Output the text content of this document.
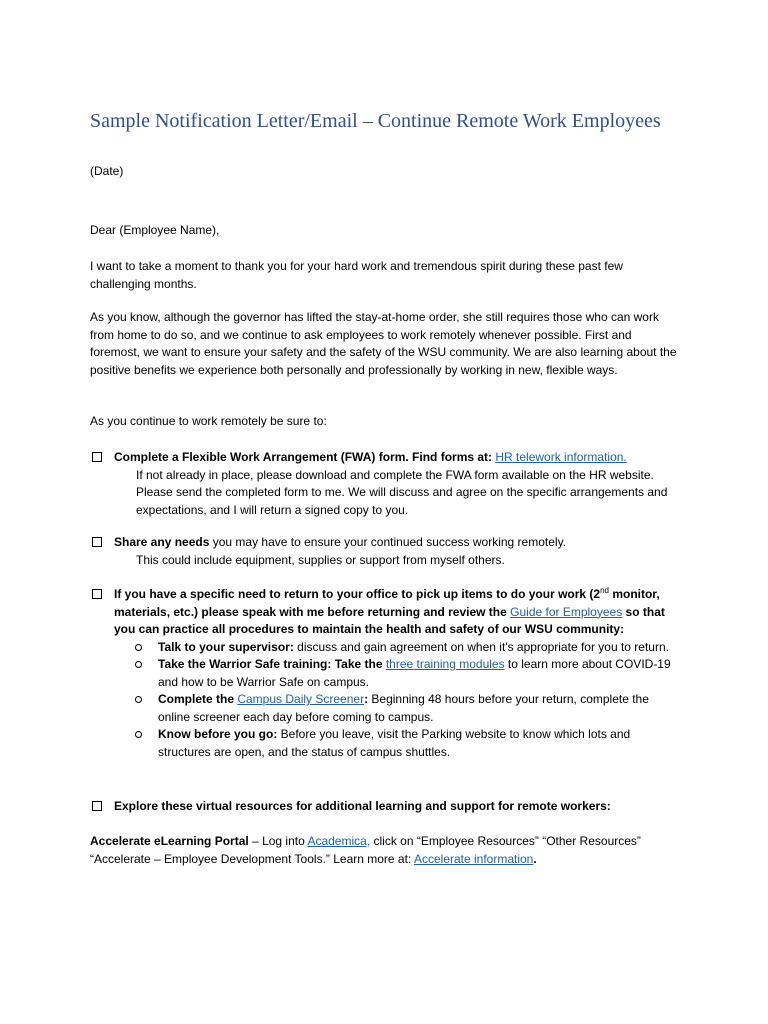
Sample Notification Letter/Email – Continue Remote Work Employees

(Date)

Dear (Employee Name),

I want to take a moment to thank you for your hard work and tremendous spirit during these past few challenging months.

As you know, although the governor has lifted the stay-at-home order, she still requires those who can work from home to do so, and we continue to ask employees to work remotely whenever possible. First and foremost, we want to ensure your safety and the safety of the WSU community. We are also learning about the positive benefits we experience both personally and professionally by working in new, flexible ways.

As you continue to work remotely be sure to:

Complete a Flexible Work Arrangement (FWA) form. Find forms at: HR telework information.
If not already in place, please download and complete the FWA form available on the HR website. Please send the completed form to me. We will discuss and agree on the specific arrangements and expectations, and I will return a signed copy to you.
Share any needs you may have to ensure your continued success working remotely.
This could include equipment, supplies or support from myself others.
If you have a specific need to return to your office to pick up items to do your work (2nd monitor, materials, etc.) please speak with me before returning and review the Guide for Employees so that you can practice all procedures to maintain the health and safety of our WSU community:
Talk to your supervisor: discuss and gain agreement on when it's appropriate for you to return.
Take the Warrior Safe training: Take the three training modules to learn more about COVID-19 and how to be Warrior Safe on campus.
Complete the Campus Daily Screener: Beginning 48 hours before your return, complete the online screener each day before coming to campus.
Know before you go: Before you leave, visit the Parking website to know which lots and structures are open, and the status of campus shuttles.
Explore these virtual resources for additional learning and support for remote workers:

Accelerate eLearning Portal – Log into Academica, click on “Employee Resources” “Other Resources” “Accelerate – Employee Development Tools.” Learn more at: Accelerate information.
